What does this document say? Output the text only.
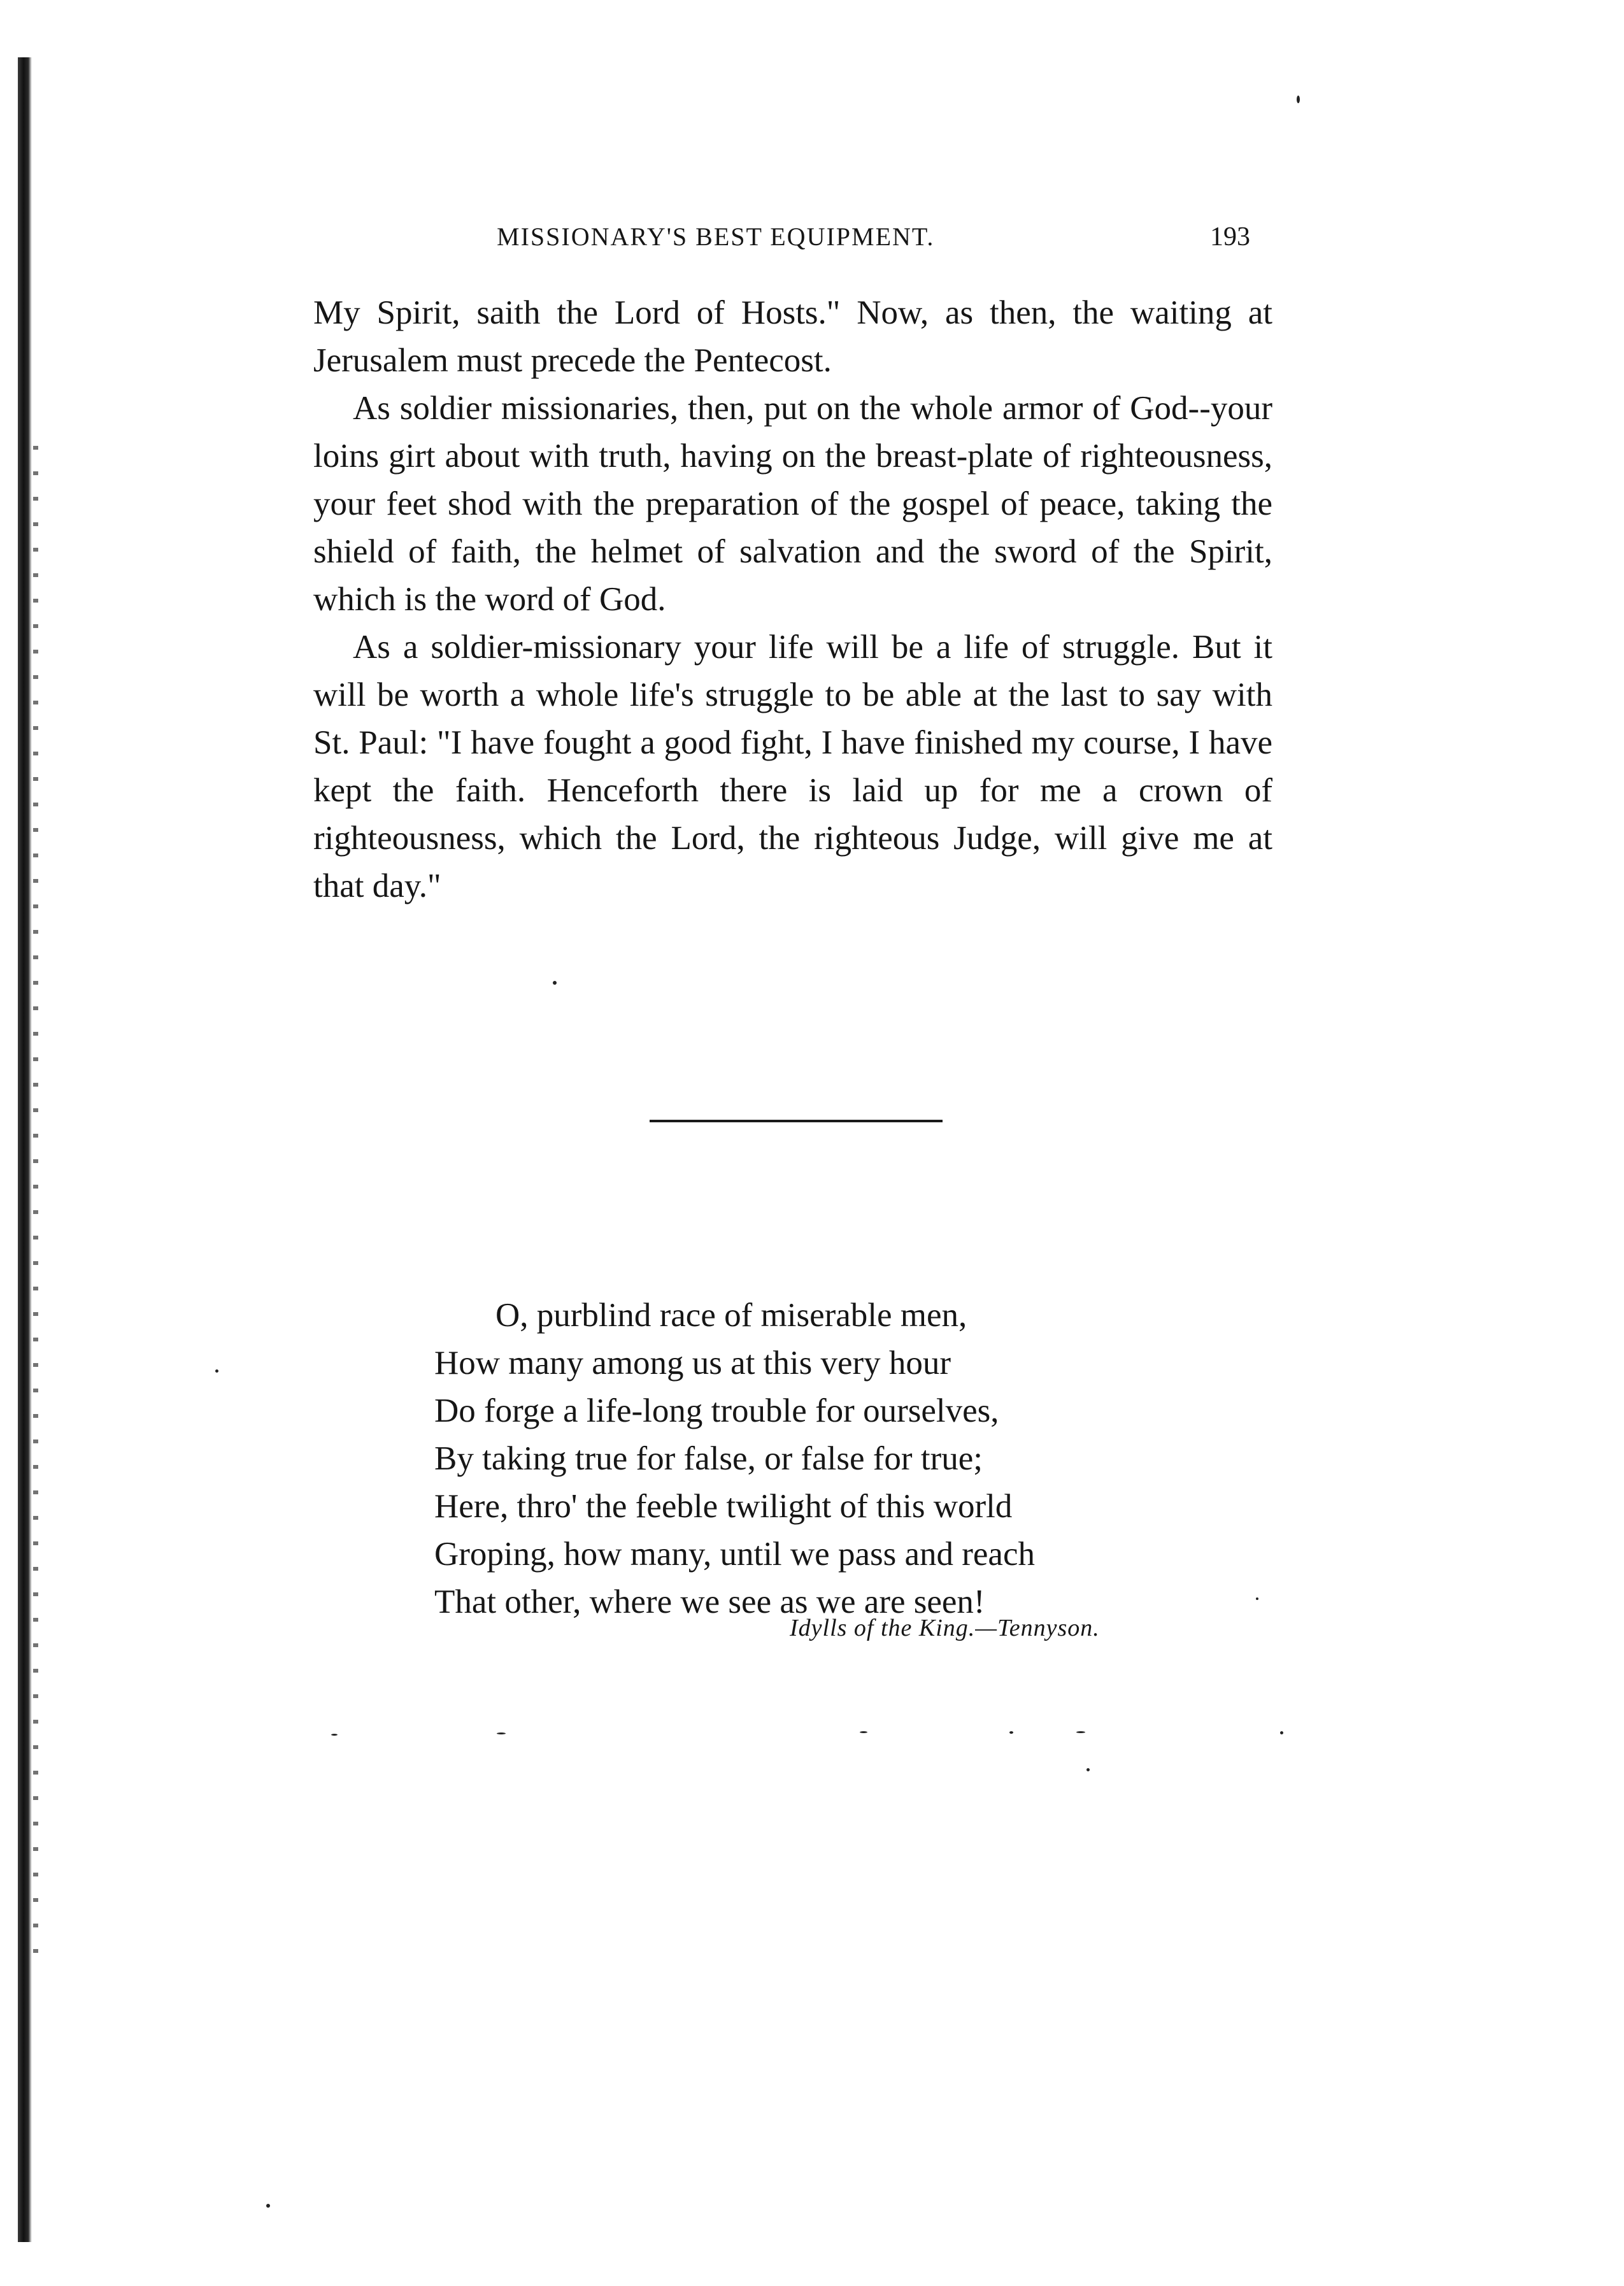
MISSIONARY'S BEST EQUIPMENT.	193

My Spirit, saith the Lord of Hosts." Now, as then, the waiting at Jerusalem must precede the Pentecost.

As soldier missionaries, then, put on the whole armor of God--your loins girt about with truth, having on the breast-plate of righteousness, your feet shod with the preparation of the gospel of peace, taking the shield of faith, the helmet of salvation and the sword of the Spirit, which is the word of God.

As a soldier-missionary your life will be a life of struggle. But it will be worth a whole life's struggle to be able at the last to say with St. Paul: "I have fought a good fight, I have finished my course, I have kept the faith. Henceforth there is laid up for me a crown of righteousness, which the Lord, the righteous Judge, will give me at that day."

O, purblind race of miserable men,
How many among us at this very hour
Do forge a life-long trouble for ourselves,
By taking true for false, or false for true;
Here, thro' the feeble twilight of this world
Groping, how many, until we pass and reach
That other, where we see as we are seen!
Idylls of the King.—Tennyson.
